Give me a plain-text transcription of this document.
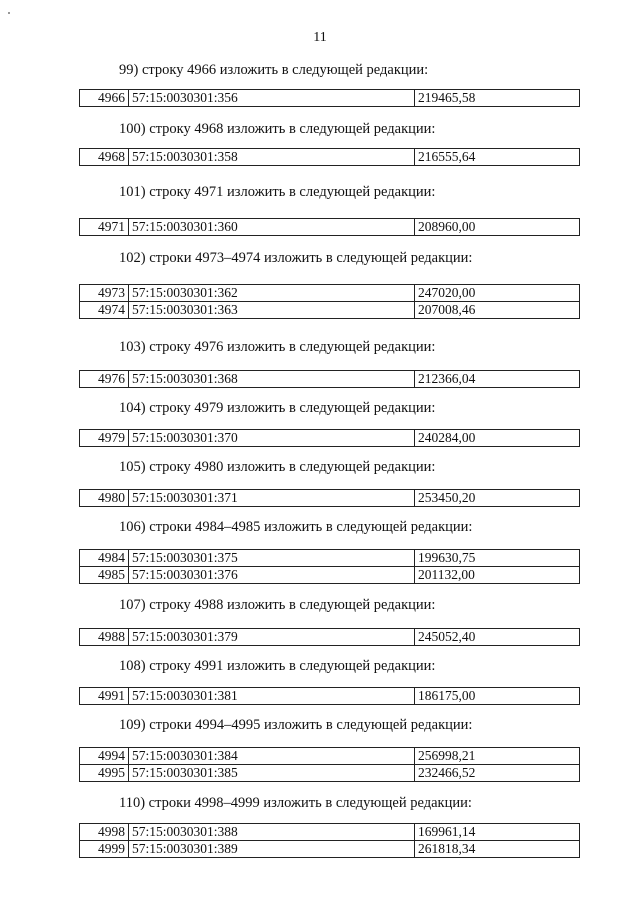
11
99) строку 4966 изложить в следующей редакции:
4966	57:15:0030301:356	219465,58
100) строку 4968 изложить в следующей редакции:
4968	57:15:0030301:358	216555,64
101) строку 4971 изложить в следующей редакции:
4971	57:15:0030301:360	208960,00
102) строки 4973–4974 изложить в следующей редакции:
4973	57:15:0030301:362	247020,00
4974	57:15:0030301:363	207008,46
103) строку 4976 изложить в следующей редакции:
4976	57:15:0030301:368	212366,04
104) строку 4979 изложить в следующей редакции:
4979	57:15:0030301:370	240284,00
105) строку 4980 изложить в следующей редакции:
4980	57:15:0030301:371	253450,20
106) строки 4984–4985 изложить в следующей редакции:
4984	57:15:0030301:375	199630,75
4985	57:15:0030301:376	201132,00
107) строку 4988 изложить в следующей редакции:
4988	57:15:0030301:379	245052,40
108) строку 4991 изложить в следующей редакции:
4991	57:15:0030301:381	186175,00
109) строки 4994–4995 изложить в следующей редакции:
4994	57:15:0030301:384	256998,21
4995	57:15:0030301:385	232466,52
110) строки 4998–4999 изложить в следующей редакции:
4998	57:15:0030301:388	169961,14
4999	57:15:0030301:389	261818,34
